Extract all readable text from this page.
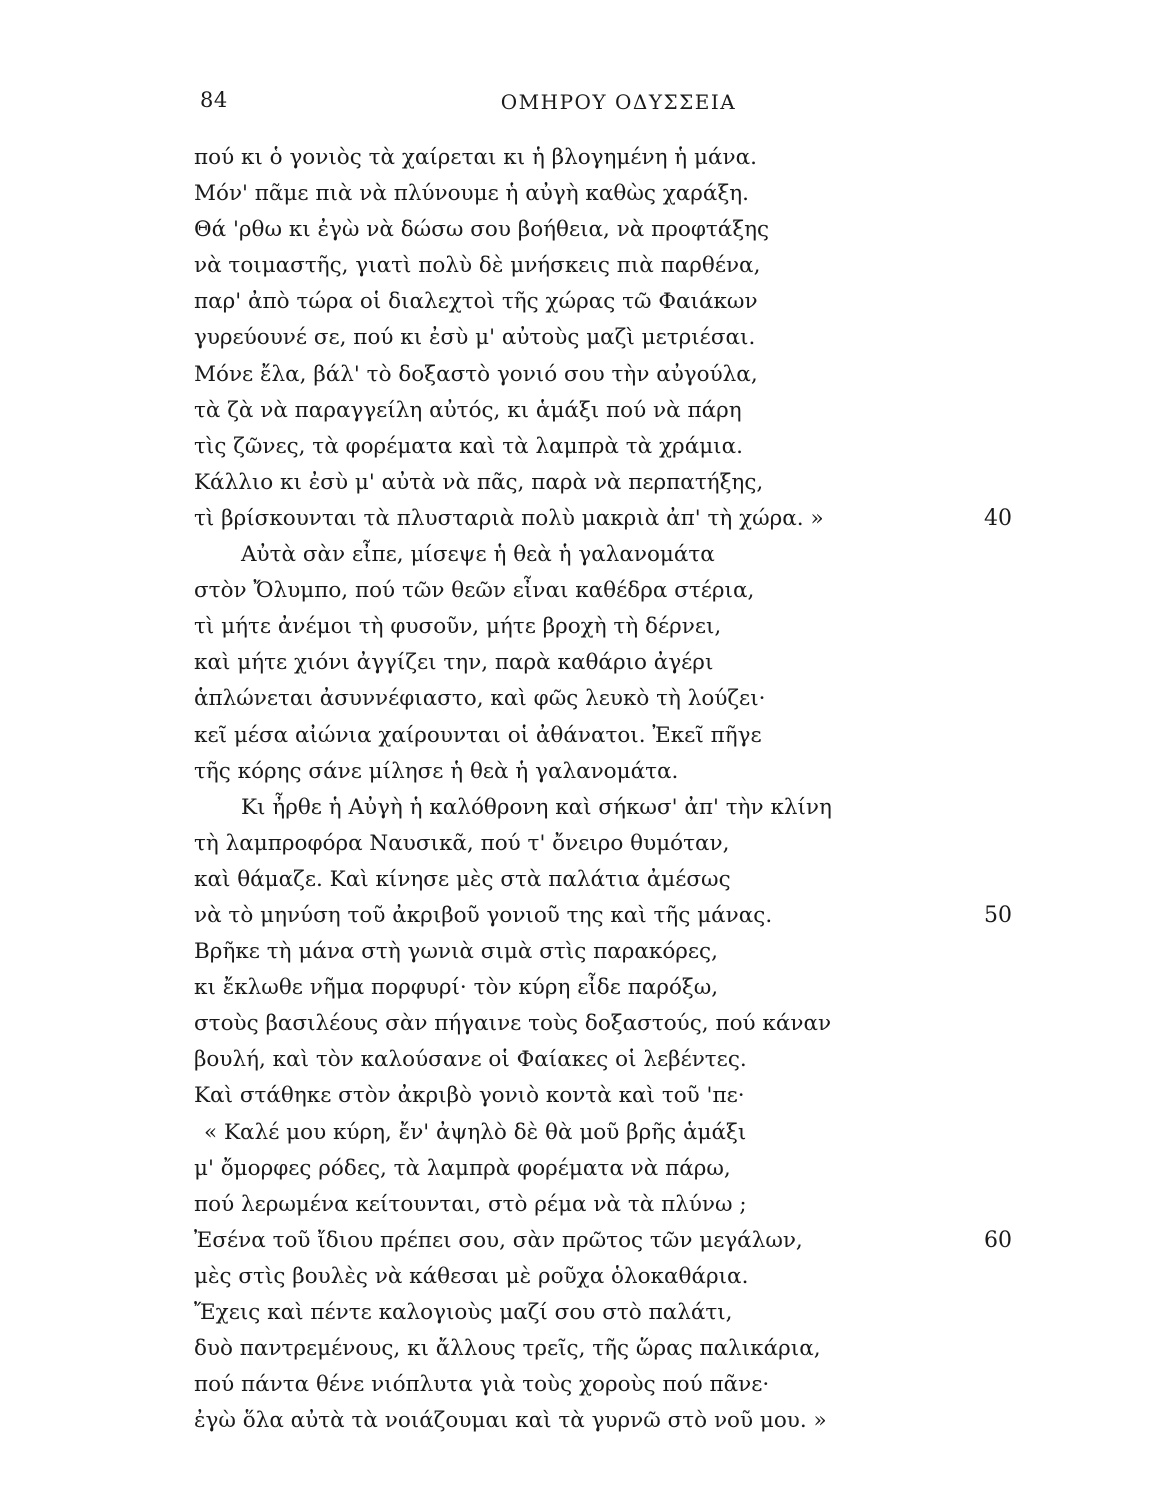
84	ΟΜΗΡΟΥ ΟΔΥΣΣΕΙΑ
πού κι ὁ γονιὸς τὰ χαίρεται κι ἡ βλογημένη ἡ μάνα.
Μόν' πᾶμε πιὰ νὰ πλύνουμε ἡ αὐγὴ καθὼς χαράξη.
Θά 'ρθω κι ἐγὼ νὰ δώσω σου βοήθεια, νὰ προφτάξης
νὰ τοιμαστῆς, γιατὶ πολὺ δὲ μνήσκεις πιὰ παρθένα,
παρ' ἀπὸ τώρα οἱ διαλεχτοὶ τῆς χώρας τῶ Φαιάκων
γυρεύουνέ σε, πού κι ἐσὺ μ' αὐτοὺς μαζὶ μετριέσαι.
Μόνε ἔλα, βάλ' τὸ δοξαστὸ γονιό σου τὴν αὐγούλα,
τὰ ζὰ νὰ παραγγείλη αὐτός, κι ἁμάξι πού νὰ πάρη
τὶς ζῶνες, τὰ φορέματα καὶ τὰ λαμπρὰ τὰ χράμια.
Κάλλιο κι ἐσὺ μ' αὐτὰ νὰ πᾶς, παρὰ νὰ περπατήξης,
τὶ βρίσκουνται τὰ πλυσταριὰ πολὺ μακριὰ ἀπ' τὴ χώρα. »	40
Αὐτὰ σὰν εἶπε, μίσεψε ἡ θεὰ ἡ γαλανομάτα
στὸν Ὄλυμπο, πού τῶν θεῶν εἶναι καθέδρα στέρια,
τὶ μήτε ἀνέμοι τὴ φυσοῦν, μήτε βροχὴ τὴ δέρνει,
καὶ μήτε χιόνι ἀγγίζει την, παρὰ καθάριο ἀγέρι
ἁπλώνεται ἀσυννέφιαστο, καὶ φῶς λευκὸ τὴ λούζει·
κεῖ μέσα αἰώνια χαίρουνται οἱ ἀθάνατοι. Ἐκεῖ πῆγε
τῆς κόρης σάνε μίλησε ἡ θεὰ ἡ γαλανομάτα.
Κι ἦρθε ἡ Αὐγὴ ἡ καλόθρονη καὶ σήκωσ' ἀπ' τὴν κλίνη
τὴ λαμπροφόρα Ναυσικᾶ, πού τ' ὄνειρο θυμόταν,
καὶ θάμαζε. Καὶ κίνησε μὲς στὰ παλάτια ἀμέσως
νὰ τὸ μηνύση τοῦ ἀκριβοῦ γονιοῦ της καὶ τῆς μάνας.	50
Βρῆκε τὴ μάνα στὴ γωνιὰ σιμὰ στὶς παρακόρες,
κι ἔκλωθε νῆμα πορφυρί· τὸν κύρη εἶδε παρόξω,
στοὺς βασιλέους σὰν πήγαινε τοὺς δοξαστούς, πού κάναν
βουλή, καὶ τὸν καλούσανε οἱ Φαίακες οἱ λεβέντες.
Καὶ στάθηκε στὸν ἀκριβὸ γονιὸ κοντὰ καὶ τοῦ 'πε·
« Καλέ μου κύρη, ἔν' ἀψηλὸ δὲ θὰ μοῦ βρῆς ἁμάξι
μ' ὄμορφες ρόδες, τὰ λαμπρὰ φορέματα νὰ πάρω,
πού λερωμένα κείτουνται, στὸ ρέμα νὰ τὰ πλύνω ;
Ἐσένα τοῦ ἴδιου πρέπει σου, σὰν πρῶτος τῶν μεγάλων,	60
μὲς στὶς βουλὲς νὰ κάθεσαι μὲ ροῦχα ὁλοκαθάρια.
Ἔχεις καὶ πέντε καλογιοὺς μαζί σου στὸ παλάτι,
δυὸ παντρεμένους, κι ἄλλους τρεῖς, τῆς ὥρας παλικάρια,
πού πάντα θένε νιόπλυτα γιὰ τοὺς χοροὺς πού πᾶνε·
ἐγὼ ὅλα αὐτὰ τὰ νοιάζουμαι καὶ τὰ γυρνῶ στὸ νοῦ μου. »
